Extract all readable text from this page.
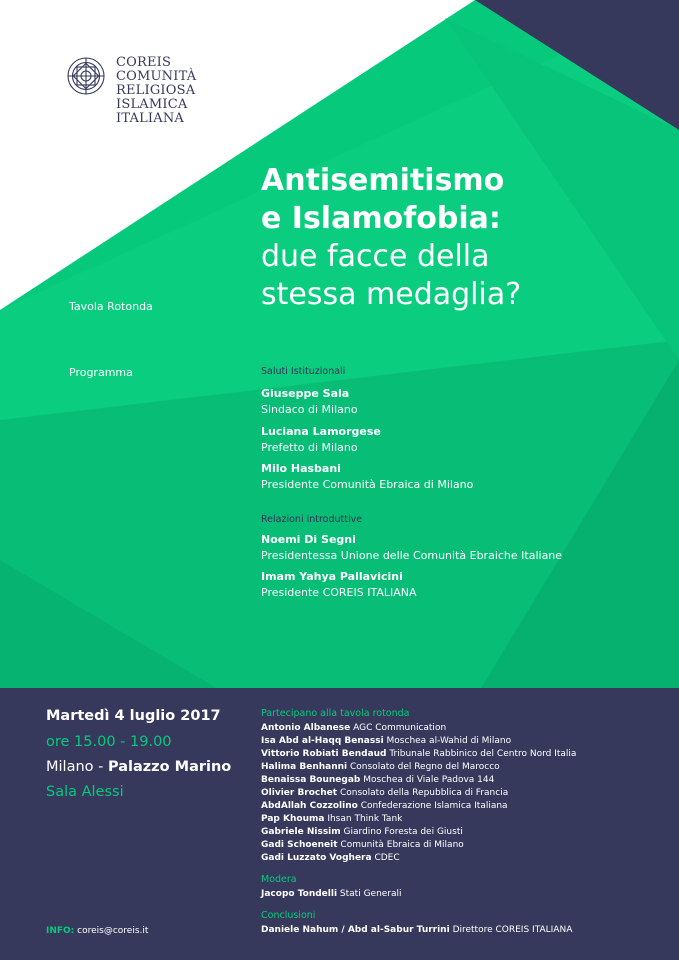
COREIS
COMUNITÀ
RELIGIOSA
ISLAMICA
ITALIANA
Antisemitismo
e Islamofobia:
due facce della
stessa medaglia?
Tavola Rotonda
Programma	Saluti Istituzionali
Giuseppe Sala
Sindaco di Milano
Luciana Lamorgese
Prefetto di Milano
Milo Hasbani
Presidente Comunità Ebraica di Milano
Relazioni introduttive
Noemi Di Segni
Presidentessa Unione delle Comunità Ebraiche Italiane
Imam Yahya Pallavicini
Presidente COREIS ITALIANA
Martedì 4 luglio 2017
ore 15.00 - 19.00
Milano - Palazzo Marino
Sala Alessi
Partecipano alla tavola rotonda
Antonio Albanese AGC Communication
Isa Abd al-Haqq Benassi Moschea al-Wahid di Milano
Vittorio Robiati Bendaud Tribunale Rabbinico del Centro Nord Italia
Halima Benhanni Consolato del Regno del Marocco
Benaissa Bounegab Moschea di Viale Padova 144
Olivier Brochet Consolato della Repubblica di Francia
AbdAllah Cozzolino Confederazione Islamica Italiana
Pap Khouma Ihsan Think Tank
Gabriele Nissim Giardino Foresta dei Giusti
Gadi Schoeneit Comunità Ebraica di Milano
Gadi Luzzato Voghera CDEC
Modera
Jacopo Tondelli Stati Generali
Conclusioni
Daniele Nahum / Abd al-Sabur Turrini Direttore COREIS ITALIANA
INFO: coreis@coreis.it
